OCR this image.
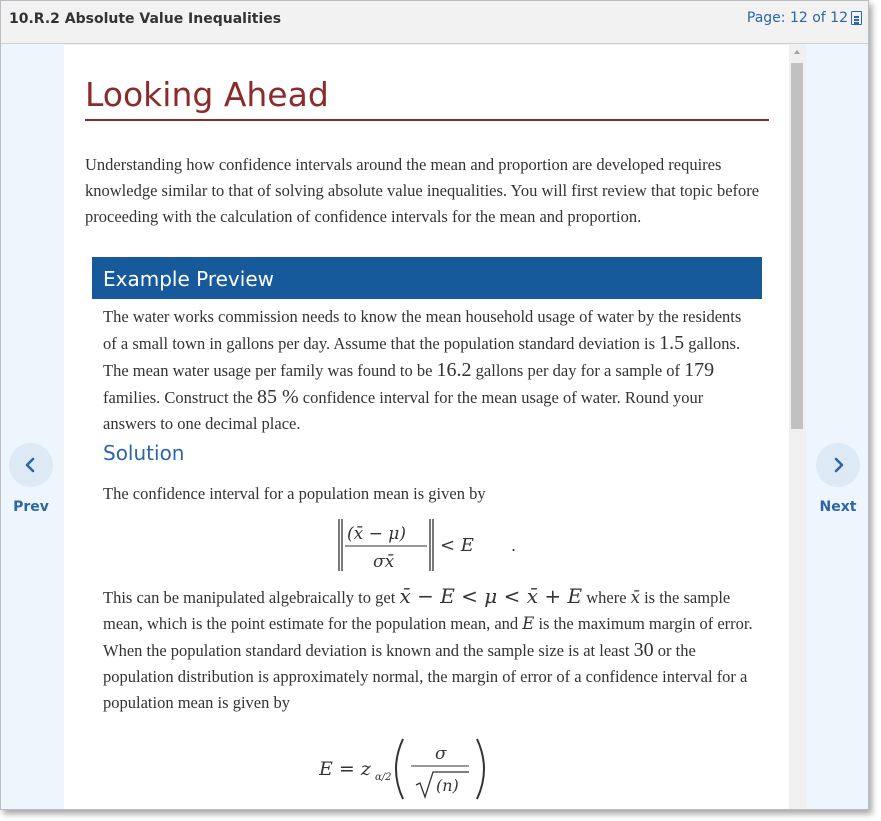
10.R.2 Absolute Value Inequalities	Page: 12 of 12
Prev	Next
Looking Ahead
Understanding how confidence intervals around the mean and proportion are developed requires knowledge similar to that of solving absolute value inequalities. You will first review that topic before proceeding with the calculation of confidence intervals for the mean and proportion.
Example Preview
The water works commission needs to know the mean household usage of water by the residents of a small town in gallons per day. Assume that the population standard deviation is 1.5 gallons. The mean water usage per family was found to be 16.2 gallons per day for a sample of 179 families. Construct the 85 % confidence interval for the mean usage of water. Round your answers to one decimal place.
Solution
The confidence interval for a population mean is given by
(x̄ − μ)
σx̄
< E .
This can be manipulated algebraically to get x̄ − E < μ < x̄ + E where x̄ is the sample mean, which is the point estimate for the population mean, and E is the maximum margin of error. When the population standard deviation is known and the sample size is at least 30 or the population distribution is approximately normal, the margin of error of a confidence interval for a population mean is given by
E = z α/2
σ
(n)
